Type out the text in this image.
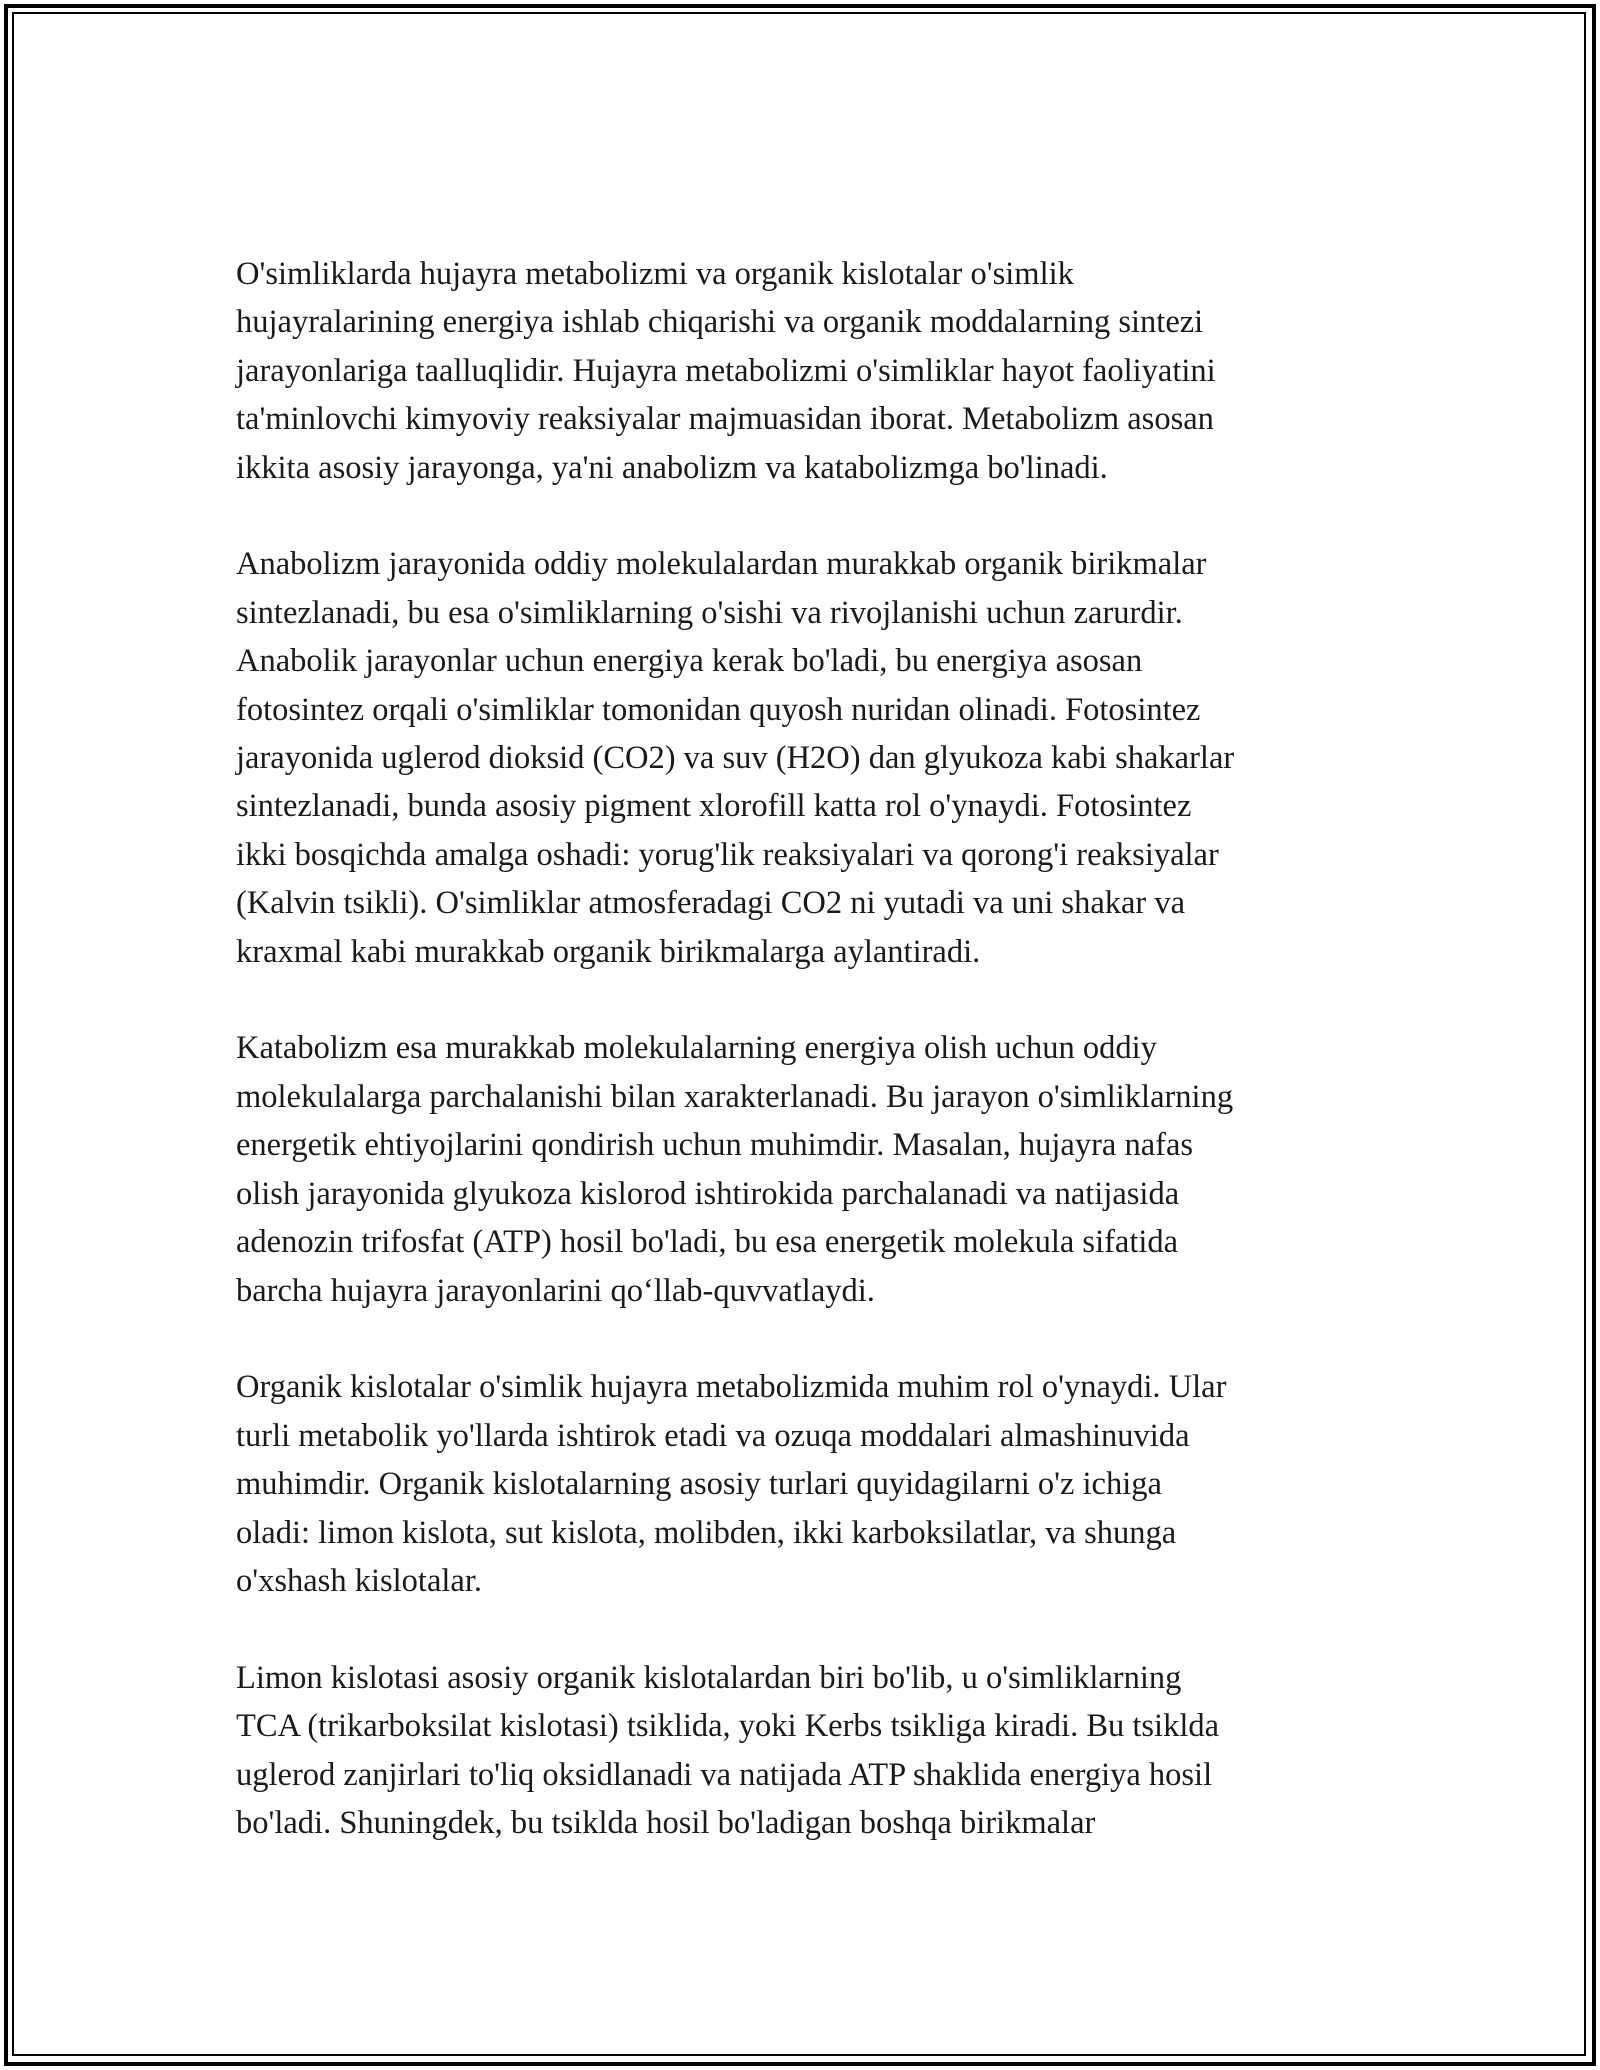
O'simliklarda hujayra metabolizmi va organik kislotalar o'simlik
hujayralarining energiya ishlab chiqarishi va organik moddalarning sintezi
jarayonlariga taalluqlidir. Hujayra metabolizmi o'simliklar hayot faoliyatini
ta'minlovchi kimyoviy reaksiyalar majmuasidan iborat. Metabolizm asosan
ikkita asosiy jarayonga, ya'ni anabolizm va katabolizmga bo'linadi.

Anabolizm jarayonida oddiy molekulalardan murakkab organik birikmalar
sintezlanadi, bu esa o'simliklarning o'sishi va rivojlanishi uchun zarurdir.
Anabolik jarayonlar uchun energiya kerak bo'ladi, bu energiya asosan
fotosintez orqali o'simliklar tomonidan quyosh nuridan olinadi. Fotosintez
jarayonida uglerod dioksid (CO2) va suv (H2O) dan glyukoza kabi shakarlar
sintezlanadi, bunda asosiy pigment xlorofill katta rol o'ynaydi. Fotosintez
ikki bosqichda amalga oshadi: yorug'lik reaksiyalari va qorong'i reaksiyalar
(Kalvin tsikli). O'simliklar atmosferadagi CO2 ni yutadi va uni shakar va
kraxmal kabi murakkab organik birikmalarga aylantiradi.

Katabolizm esa murakkab molekulalarning energiya olish uchun oddiy
molekulalarga parchalanishi bilan xarakterlanadi. Bu jarayon o'simliklarning
energetik ehtiyojlarini qondirish uchun muhimdir. Masalan, hujayra nafas
olish jarayonida glyukoza kislorod ishtirokida parchalanadi va natijasida
adenozin trifosfat (ATP) hosil bo'ladi, bu esa energetik molekula sifatida
barcha hujayra jarayonlarini qo‘llab-quvvatlaydi.

Organik kislotalar o'simlik hujayra metabolizmida muhim rol o'ynaydi. Ular
turli metabolik yo'llarda ishtirok etadi va ozuqa moddalari almashinuvida
muhimdir. Organik kislotalarning asosiy turlari quyidagilarni o'z ichiga
oladi: limon kislota, sut kislota, molibden, ikki karboksilatlar, va shunga
o'xshash kislotalar.

Limon kislotasi asosiy organik kislotalardan biri bo'lib, u o'simliklarning
TCA (trikarboksilat kislotasi) tsiklida, yoki Kerbs tsikliga kiradi. Bu tsiklda
uglerod zanjirlari to'liq oksidlanadi va natijada ATP shaklida energiya hosil
bo'ladi. Shuningdek, bu tsiklda hosil bo'ladigan boshqa birikmalar
